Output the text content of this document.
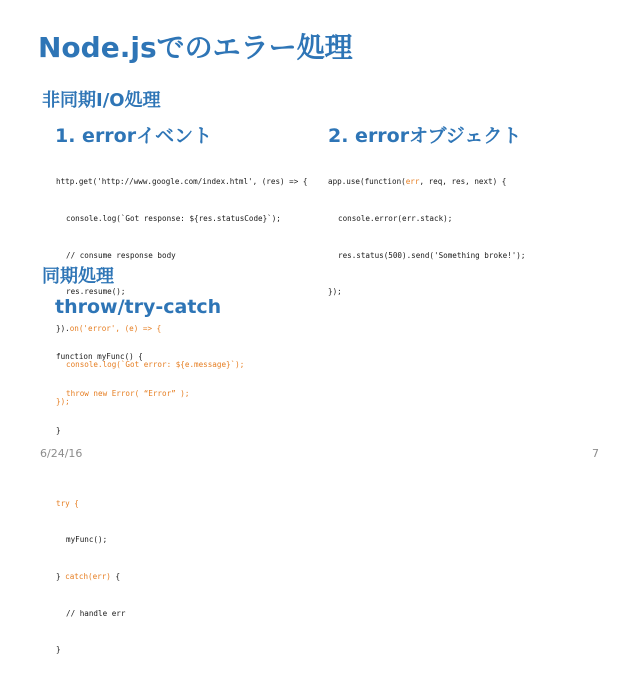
Node.jsでのエラー処理
非同期I/O処理
1. errorイベント

http.get('http://www.google.com/index.html', (res) => {

console.log(`Got response: ${res.statusCode}`);

// consume response body

res.resume();

}).on('error', (e) => {

console.log(`Got error: ${e.message}`);

});

2. errorオブジェクト

app.use(function(err, req, res, next) {

console.error(err.stack);

res.status(500).send('Something broke!');

});

同期処理
throw/try-catch

function myFunc() {

throw new Error( “Error” );

}

try {

myFunc();

} catch(err) {

// handle err

}

6/24/16	7
